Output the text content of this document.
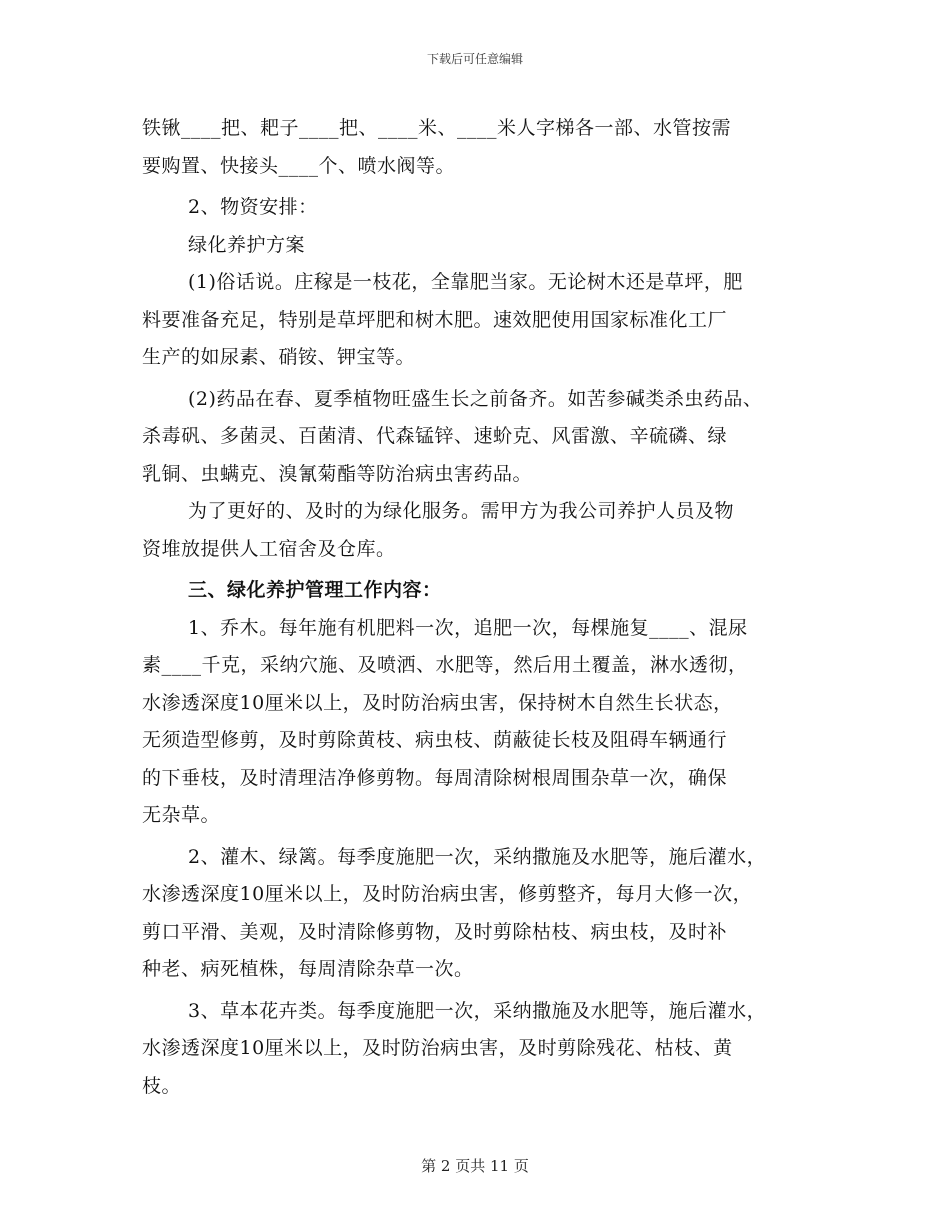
下载后可任意编辑
铁锹____把、耙子____把、____米、____米人字梯各一部、水管按需
要购置、快接头____个、喷水阀等。
2、物资安排：
绿化养护方案
(1)俗话说。庄稼是一枝花，全靠肥当家。无论树木还是草坪，肥
料要准备充足，特别是草坪肥和树木肥。速效肥使用国家标准化工厂
生产的如尿素、硝铵、钾宝等。
(2)药品在春、夏季植物旺盛生长之前备齐。如苦参碱类杀虫药品、
杀毒矾、多菌灵、百菌清、代森锰锌、速蚧克、风雷激、辛硫磷、绿
乳铜、虫螨克、溴氰菊酯等防治病虫害药品。
为了更好的、及时的为绿化服务。需甲方为我公司养护人员及物
资堆放提供人工宿舍及仓库。
三、绿化养护管理工作内容：
1、乔木。每年施有机肥料一次，追肥一次，每棵施复____、混尿
素____千克，采纳穴施、及喷洒、水肥等，然后用土覆盖，淋水透彻，
水渗透深度10厘米以上，及时防治病虫害，保持树木自然生长状态，
无须造型修剪，及时剪除黄枝、病虫枝、荫蔽徒长枝及阻碍车辆通行
的下垂枝，及时清理洁净修剪物。每周清除树根周围杂草一次，确保
无杂草。
2、灌木、绿篱。每季度施肥一次，采纳撒施及水肥等，施后灌水，
水渗透深度10厘米以上，及时防治病虫害，修剪整齐，每月大修一次，
剪口平滑、美观，及时清除修剪物，及时剪除枯枝、病虫枝，及时补
种老、病死植株，每周清除杂草一次。
3、草本花卉类。每季度施肥一次，采纳撒施及水肥等，施后灌水，
水渗透深度10厘米以上，及时防治病虫害，及时剪除残花、枯枝、黄
枝。
第 2 页共 11 页
